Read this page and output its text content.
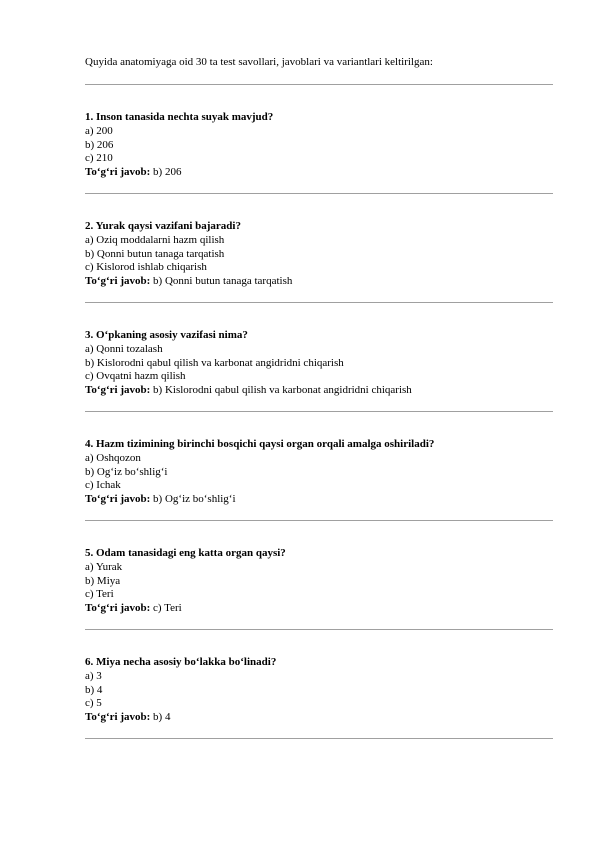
Quyida anatomiyaga oid 30 ta test savollari, javoblari va variantlari keltirilgan:

1. Inson tanasida nechta suyak mavjud?

a) 200

b) 206

c) 210

To‘g‘ri javob: b) 206

2. Yurak qaysi vazifani bajaradi?

a) Oziq moddalarni hazm qilish

b) Qonni butun tanaga tarqatish

c) Kislorod ishlab chiqarish

To‘g‘ri javob: b) Qonni butun tanaga tarqatish

3. O‘pkaning asosiy vazifasi nima?

a) Qonni tozalash

b) Kislorodni qabul qilish va karbonat angidridni chiqarish

c) Ovqatni hazm qilish

To‘g‘ri javob: b) Kislorodni qabul qilish va karbonat angidridni chiqarish

4. Hazm tizimining birinchi bosqichi qaysi organ orqali amalga oshiriladi?

a) Oshqozon

b) Og‘iz bo‘shlig‘i

c) Ichak

To‘g‘ri javob: b) Og‘iz bo‘shlig‘i

5. Odam tanasidagi eng katta organ qaysi?

a) Yurak

b) Miya

c) Teri

To‘g‘ri javob: c) Teri

6. Miya necha asosiy bo‘lakka bo‘linadi?

a) 3

b) 4

c) 5

To‘g‘ri javob: b) 4
